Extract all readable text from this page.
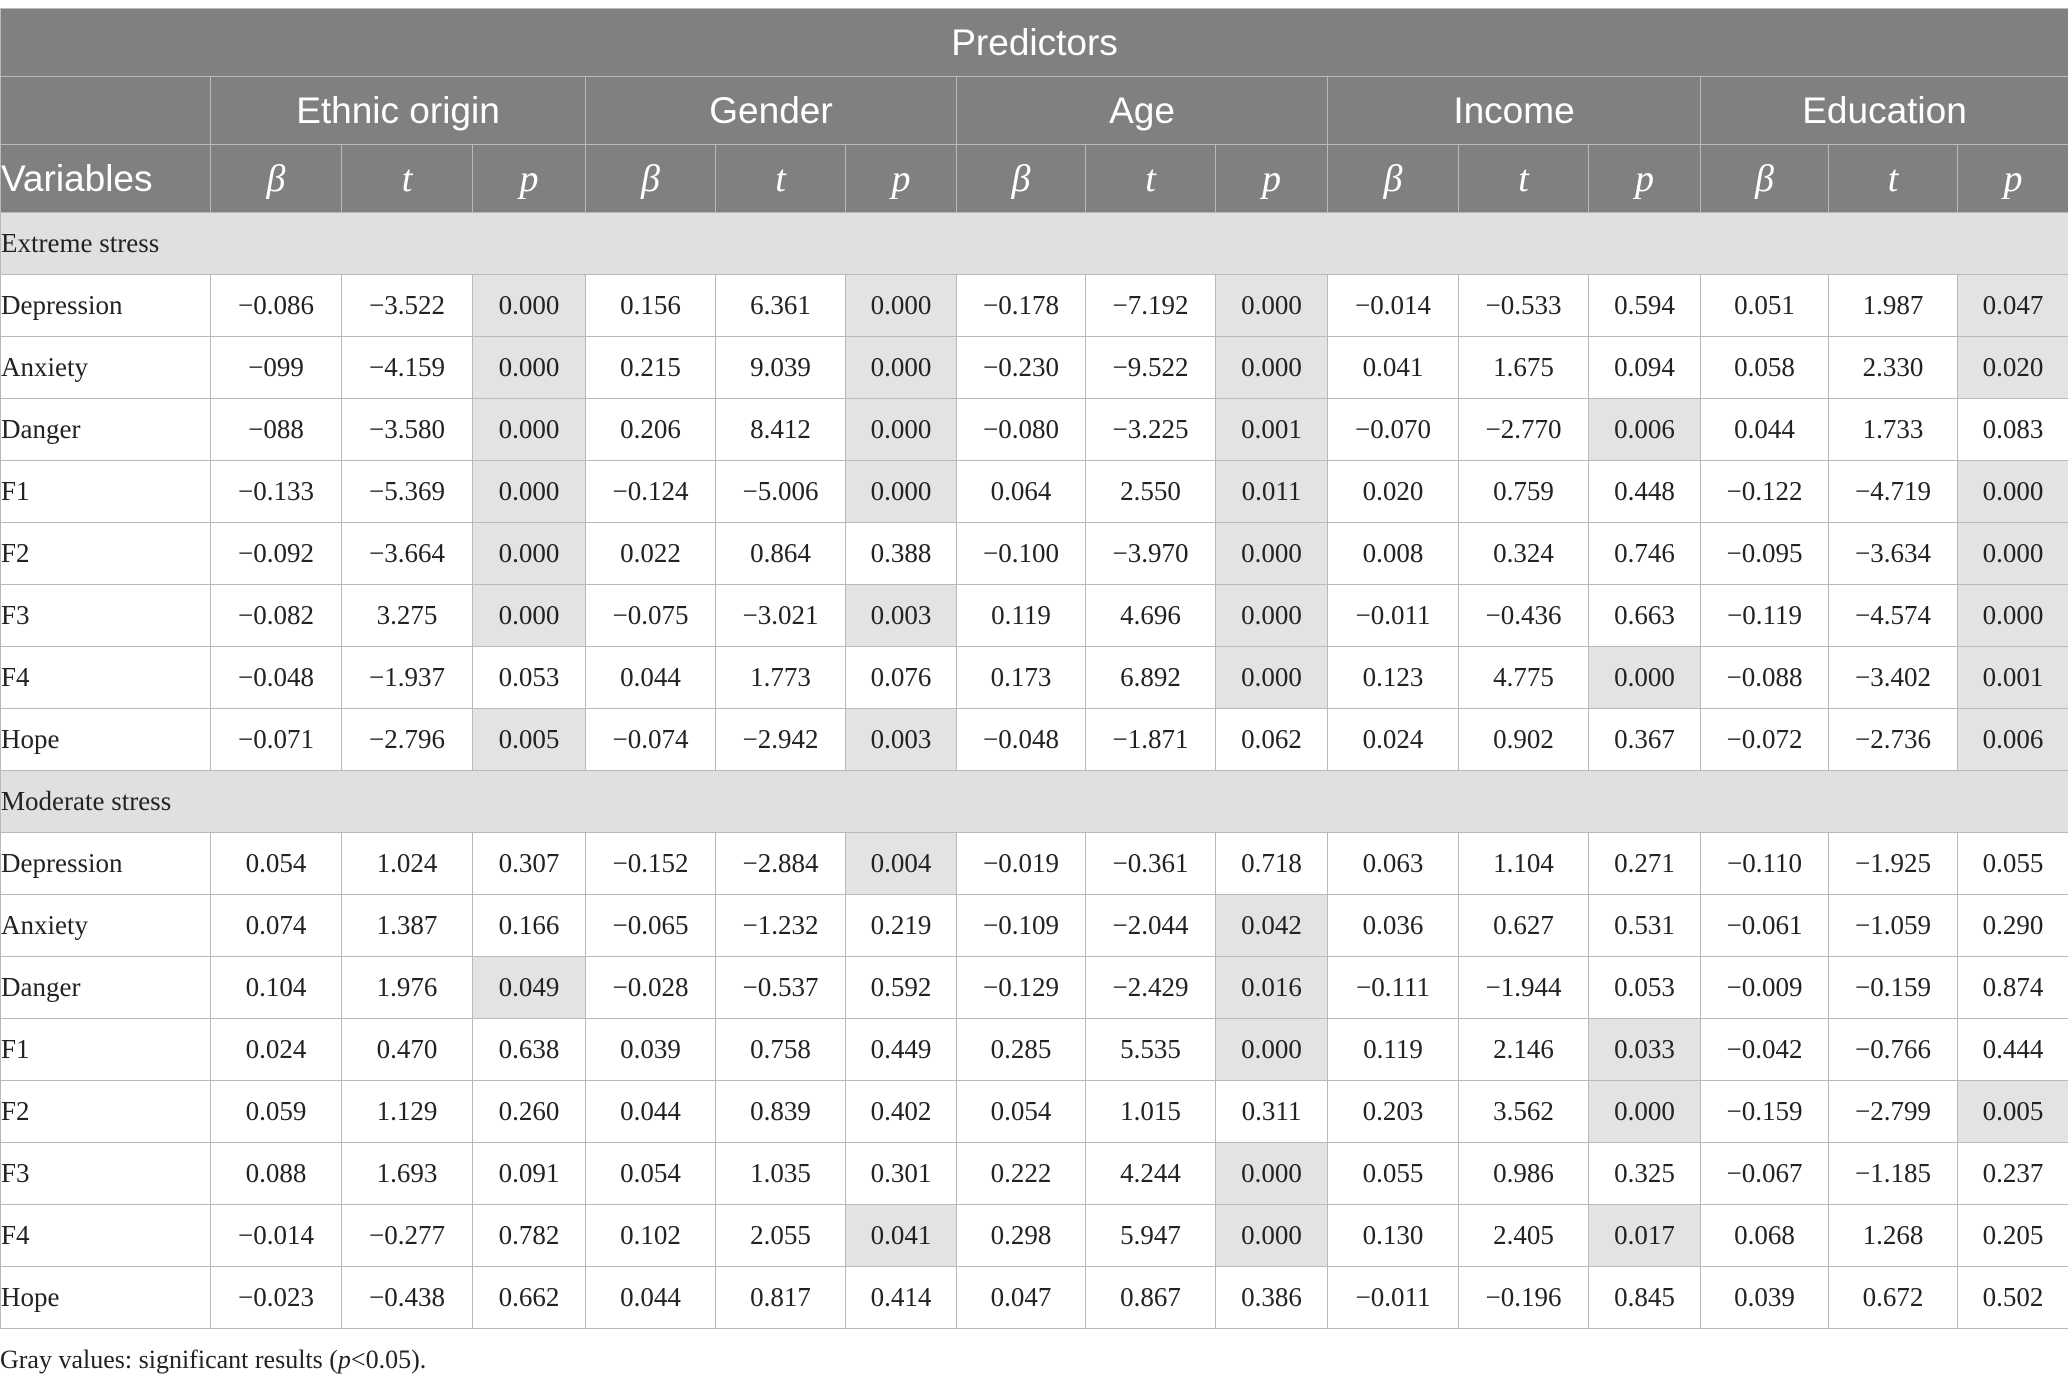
Predictors															
	Ethnic origin			Gender			Age			Income			Education		
Variables	β	t	p	β	t	p	β	t	p	β	t	p	β	t	p
Extreme stress															
Depression	−0.086	−3.522	0.000	0.156	6.361	0.000	−0.178	−7.192	0.000	−0.014	−0.533	0.594	0.051	1.987	0.047
Anxiety	−099	−4.159	0.000	0.215	9.039	0.000	−0.230	−9.522	0.000	0.041	1.675	0.094	0.058	2.330	0.020
Danger	−088	−3.580	0.000	0.206	8.412	0.000	−0.080	−3.225	0.001	−0.070	−2.770	0.006	0.044	1.733	0.083
F1	−0.133	−5.369	0.000	−0.124	−5.006	0.000	0.064	2.550	0.011	0.020	0.759	0.448	−0.122	−4.719	0.000
F2	−0.092	−3.664	0.000	0.022	0.864	0.388	−0.100	−3.970	0.000	0.008	0.324	0.746	−0.095	−3.634	0.000
F3	−0.082	3.275	0.000	−0.075	−3.021	0.003	0.119	4.696	0.000	−0.011	−0.436	0.663	−0.119	−4.574	0.000
F4	−0.048	−1.937	0.053	0.044	1.773	0.076	0.173	6.892	0.000	0.123	4.775	0.000	−0.088	−3.402	0.001
Hope	−0.071	−2.796	0.005	−0.074	−2.942	0.003	−0.048	−1.871	0.062	0.024	0.902	0.367	−0.072	−2.736	0.006
Moderate stress															
Depression	0.054	1.024	0.307	−0.152	−2.884	0.004	−0.019	−0.361	0.718	0.063	1.104	0.271	−0.110	−1.925	0.055
Anxiety	0.074	1.387	0.166	−0.065	−1.232	0.219	−0.109	−2.044	0.042	0.036	0.627	0.531	−0.061	−1.059	0.290
Danger	0.104	1.976	0.049	−0.028	−0.537	0.592	−0.129	−2.429	0.016	−0.111	−1.944	0.053	−0.009	−0.159	0.874
F1	0.024	0.470	0.638	0.039	0.758	0.449	0.285	5.535	0.000	0.119	2.146	0.033	−0.042	−0.766	0.444
F2	0.059	1.129	0.260	0.044	0.839	0.402	0.054	1.015	0.311	0.203	3.562	0.000	−0.159	−2.799	0.005
F3	0.088	1.693	0.091	0.054	1.035	0.301	0.222	4.244	0.000	0.055	0.986	0.325	−0.067	−1.185	0.237
F4	−0.014	−0.277	0.782	0.102	2.055	0.041	0.298	5.947	0.000	0.130	2.405	0.017	0.068	1.268	0.205
Hope	−0.023	−0.438	0.662	0.044	0.817	0.414	0.047	0.867	0.386	−0.011	−0.196	0.845	0.039	0.672	0.502

Gray values: significant results (p<0.05).
